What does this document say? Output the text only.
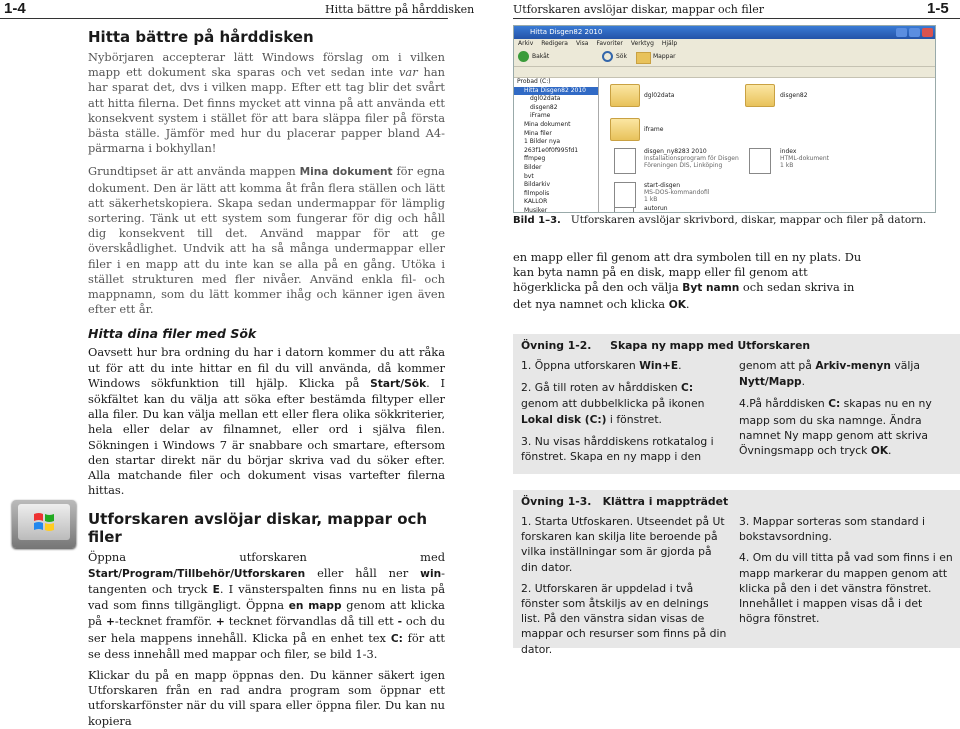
1-4	Hitta bättre på hårddisken
Hitta bättre på hårddisken

Nybörjaren accepterar lätt Windows förslag om i vilken mapp ett dokument ska sparas och vet sedan inte var han har sparat det, dvs i vilken mapp. Efter ett tag blir det svårt att hitta filerna. Det finns mycket att vinna på att använda ett konsekvent system i stället för att bara släppa filer på första bästa ställe. Jämför med hur du placerar papper bland A4-pärmarna i bokhyllan!

Grundtipset är att använda mappen Mina dokument för egna dokument. Den är lätt att komma åt från flera ställen och lätt att säkerhetskopiera. Skapa sedan undermappar för lämplig sortering. Tänk ut ett system som fungerar för dig och håll dig konsekvent till det. Använd mappar för att ge överskådlighet. Undvik att ha så många undermappar eller filer i en mapp att du inte kan se alla på en gång. Utöka i stället strukturen med fler nivåer. Använd enkla fil- och mappnamn, som du lätt kommer ihåg och känner igen även efter ett år.

Hitta dina filer med Sök

Oavsett hur bra ordning du har i datorn kommer du att råka ut för att du inte hittar en fil du vill använda, då kommer Windows sökfunktion till hjälp. Klicka på Start/Sök. I sökfältet kan du välja att söka efter bestämda filtyper eller alla filer. Du kan välja mellan ett eller flera olika sökkriterier, hela eller delar av filnamnet, eller ord i själva filen. Sökningen i Windows 7 är snabbare och smartare, eftersom den startar direkt när du börjar skriva vad du söker efter. Alla matchande filer och dokument visas vartefter filerna hittas.

Utforskaren avslöjar diskar, mappar och filer

Öppna utforskaren med Start/Program/Tillbehör/Utforskaren eller håll ner win-tangenten och tryck E. I vänsterspalten finns nu en lista på vad som finns tillgängligt. Öppna en mapp genom att klicka på +-tecknet framför. + tecknet förvandlas då till ett - och du ser hela mappens innehåll. Klicka på en enhet tex C: för att se dess innehåll med mappar och filer, se bild 1-3.

Klickar du på en mapp öppnas den. Du känner säkert igen Utforskaren från en rad andra program som öppnar ett utforskarfönster när du vill spara eller öppna filer. Du kan nu kopiera

Utforskaren avslöjar diskar, mappar och filer	1-5
Hitta Disgen82 2010
Arkiv Redigera Visa Favoriter Verktyg Hjälp
Bakåt	Sök	Mappar
Probad (C:)
Hitta Disgen82 2010
dgl02data
disgen82
iFrame
Mina dokument
Mina filer
1 Bilder nya
263f1e0f0f995fd1
ffmpeg
Bilder
bvt
Bildarkiv
filmpolis
KALLOR
Musiker
dgl02data	disgen82
iframe
disgen_ny8283 2010
Installationsprogram för Disgen
Föreningen DIS, Linköping
index
HTML-dokument
1 kB
start-disgen
MS-DOS-kommandofil
1 kB
autorun
Bild 1–3. Utforskaren avslöjar skrivbord, diskar, mappar och filer på datorn.

en mapp eller fil genom att dra symbolen till en ny plats. Du kan byta namn på en disk, mapp eller fil genom att högerklicka på den och välja Byt namn och sedan skriva in det nya namnet och klicka OK.

Övning 1-2.     Skapa ny mapp med Utforskaren

1. Öppna utforskaren Win+E.

2. Gå till roten av hårddisken C: genom att dubbelklicka på ikonen Lokal disk (C:) i fönstret.

3. Nu visas hårddiskens rotkatalog i fönstret. Skapa en ny mapp i den

genom att på Arkiv-menyn välja Nytt/Mapp.

4.På hårddisken C: skapas nu en ny mapp som du ska namnge. Ändra namnet Ny mapp genom att skriva Övningsmapp och tryck OK.

Övning 1-3.   Klättra i mappträdet

1. Starta Utfoskaren. Utseendet på Ut forskaren kan skilja lite beroende på vilka inställningar som är gjorda på din dator.

2. Utforskaren är uppdelad i två fönster som åtskiljs av en delnings list. På den vänstra sidan visas de mappar och resurser som finns på din dator.

3. Mappar sorteras som standard i bokstavsordning.

4. Om du vill titta på vad som finns i en mapp markerar du mappen genom att klicka på den i det vänstra fönstret. Innehållet i mappen visas då i det högra fönstret.
